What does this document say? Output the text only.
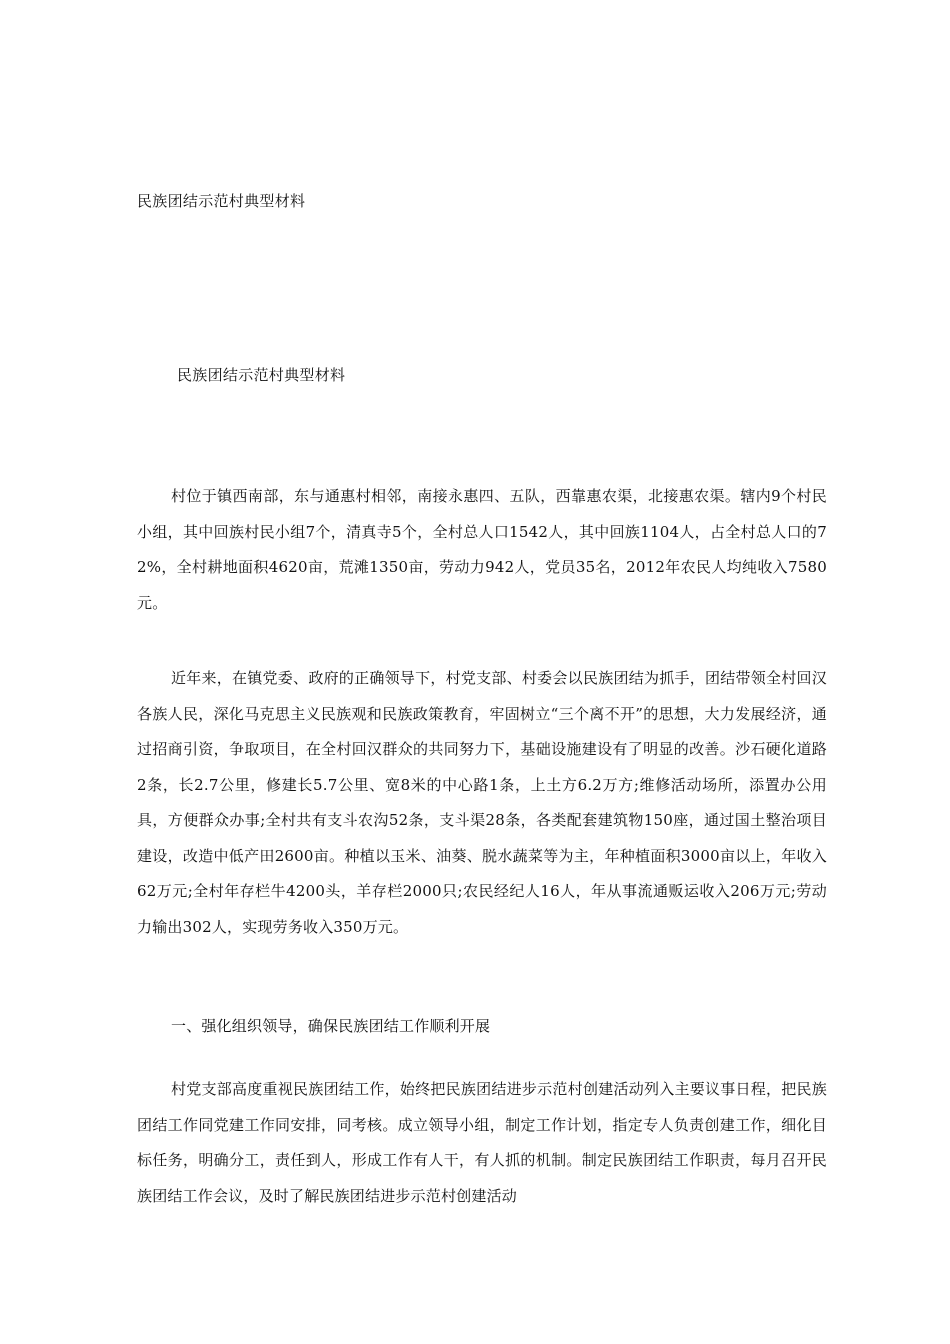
民族团结示范村典型材料
民族团结示范村典型材料

村位于镇西南部，东与通惠村相邻，南接永惠四、五队，西靠惠农渠，北接惠农渠。辖内9个村民小组，其中回族村民小组7个，清真寺5个，全村总人口1542人，其中回族1104人，占全村总人口的72%，全村耕地面积4620亩，荒滩1350亩，劳动力942人，党员35名，2012年农民人均纯收入7580元。

近年来，在镇党委、政府的正确领导下，村党支部、村委会以民族团结为抓手，团结带领全村回汉各族人民，深化马克思主义民族观和民族政策教育，牢固树立“三个离不开”的思想，大力发展经济，通过招商引资，争取项目，在全村回汉群众的共同努力下，基础设施建设有了明显的改善。沙石硬化道路2条，长2.7公里，修建长5.7公里、宽8米的中心路1条，上土方6.2万方;维修活动场所，添置办公用具，方便群众办事;全村共有支斗农沟52条，支斗渠28条，各类配套建筑物150座，通过国土整治项目建设，改造中低产田2600亩。种植以玉米、油葵、脱水蔬菜等为主，年种植面积3000亩以上，年收入62万元;全村年存栏牛4200头，羊存栏2000只;农民经纪人16人，年从事流通贩运收入206万元;劳动力输出302人，实现劳务收入350万元。

一、强化组织领导，确保民族团结工作顺利开展

村党支部高度重视民族团结工作，始终把民族团结进步示范村创建活动列入主要议事日程，把民族团结工作同党建工作同安排，同考核。成立领导小组，制定工作计划，指定专人负责创建工作，细化目标任务，明确分工，责任到人，形成工作有人干，有人抓的机制。制定民族团结工作职责，每月召开民族团结工作会议，及时了解民族团结进步示范村创建活动
